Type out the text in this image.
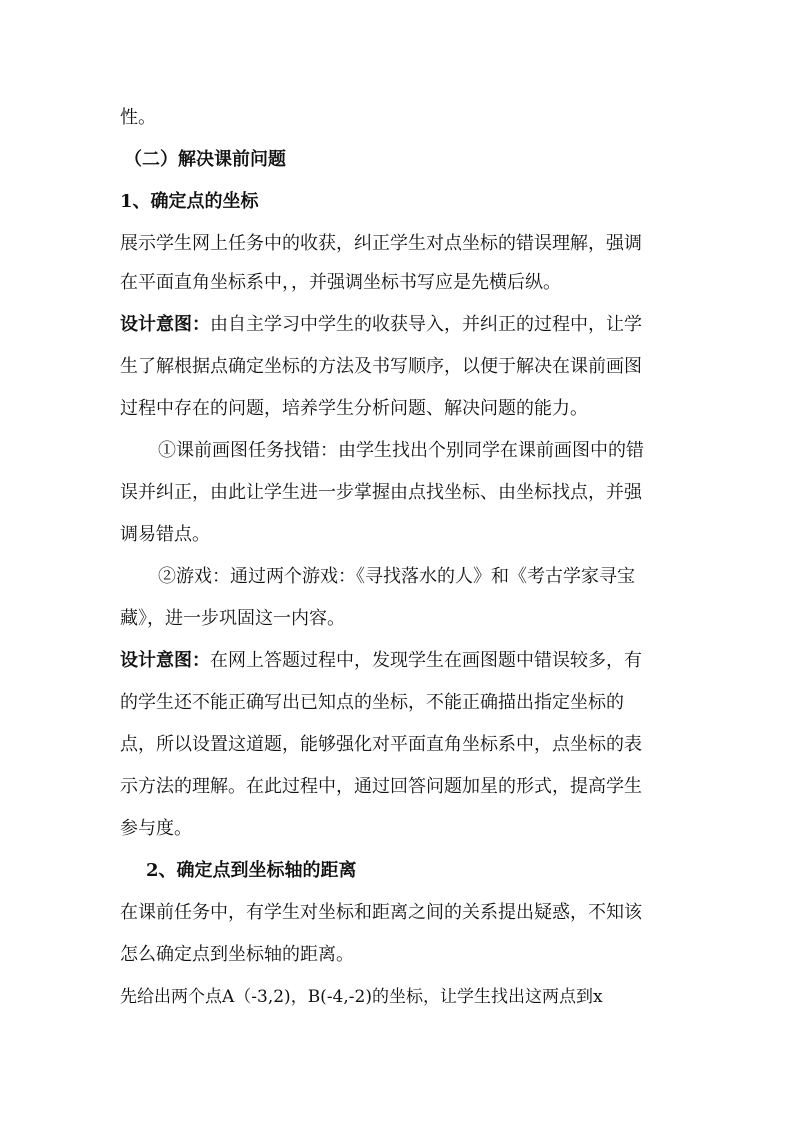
性。
（二）解决课前问题
1、确定点的坐标
展示学生网上任务中的收获，纠正学生对点坐标的错误理解，强调
在平面直角坐标系中，，并强调坐标书写应是先横后纵。
设计意图：由自主学习中学生的收获导入，并纠正的过程中，让学
生了解根据点确定坐标的方法及书写顺序，以便于解决在课前画图
过程中存在的问题，培养学生分析问题、解决问题的能力。
①课前画图任务找错：由学生找出个别同学在课前画图中的错
误并纠正，由此让学生进一步掌握由点找坐标、由坐标找点，并强
调易错点。
②游戏：通过两个游戏：《寻找落水的人》和《考古学家寻宝
藏》，进一步巩固这一内容。
设计意图：在网上答题过程中，发现学生在画图题中错误较多，有
的学生还不能正确写出已知点的坐标，不能正确描出指定坐标的
点，所以设置这道题，能够强化对平面直角坐标系中，点坐标的表
示方法的理解。在此过程中，通过回答问题加星的形式，提高学生
参与度。
2、确定点到坐标轴的距离
在课前任务中，有学生对坐标和距离之间的关系提出疑惑，不知该
怎么确定点到坐标轴的距离。
先给出两个点A（-3,2)，B(-4,-2)的坐标，让学生找出这两点到x
